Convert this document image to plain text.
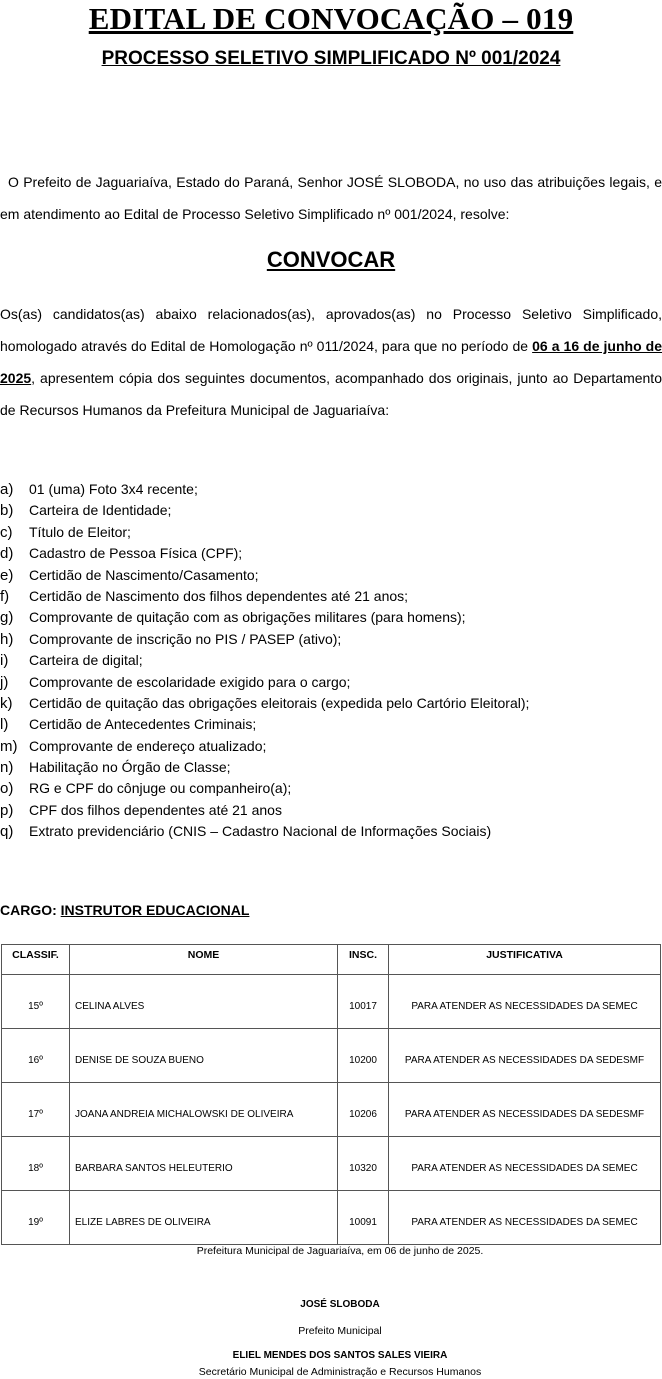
EDITAL DE CONVOCAÇÃO – 019
PROCESSO SELETIVO SIMPLIFICADO Nº 001/2024
O Prefeito de Jaguariaíva, Estado do Paraná, Senhor JOSÉ SLOBODA, no uso das atribuições legais, e em atendimento ao Edital de Processo Seletivo Simplificado nº 001/2024, resolve:
CONVOCAR
Os(as) candidatos(as) abaixo relacionados(as), aprovados(as) no Processo Seletivo Simplificado, homologado através do Edital de Homologação nº 011/2024, para que no período de 06 a 16 de junho de 2025, apresentem cópia dos seguintes documentos, acompanhado dos originais, junto ao Departamento de Recursos Humanos da Prefeitura Municipal de Jaguariaíva:
a)	01 (uma) Foto 3x4 recente;
b)	Carteira de Identidade;
c)	Título de Eleitor;
d)	Cadastro de Pessoa Física (CPF);
e)	Certidão de Nascimento/Casamento;
f)	Certidão de Nascimento dos filhos dependentes até 21 anos;
g)	Comprovante de quitação com as obrigações militares (para homens);
h)	Comprovante de inscrição no PIS / PASEP (ativo);
i)	Carteira de digital;
j)	Comprovante de escolaridade exigido para o cargo;
k)	Certidão de quitação das obrigações eleitorais (expedida pelo Cartório Eleitoral);
l)	Certidão de Antecedentes Criminais;
m) Comprovante de endereço atualizado;
n)	Habilitação no Órgão de Classe;
o)	RG e CPF do cônjuge ou companheiro(a);
p)	CPF dos filhos dependentes até 21 anos
q)	Extrato previdenciário (CNIS – Cadastro Nacional de Informações Sociais)
CARGO: INSTRUTOR EDUCACIONAL
CLASSIF.	NOME	INSC.	JUSTIFICATIVA
15º	CELINA ALVES	10017	PARA ATENDER AS NECESSIDADES DA SEMEC
16º	DENISE DE SOUZA BUENO	10200	PARA ATENDER AS NECESSIDADES DA SEDESMF
17º	JOANA ANDREIA MICHALOWSKI DE OLIVEIRA	10206	PARA ATENDER AS NECESSIDADES DA SEDESMF
18º	BARBARA SANTOS HELEUTERIO	10320	PARA ATENDER AS NECESSIDADES DA SEMEC
19º	ELIZE LABRES DE OLIVEIRA	10091	PARA ATENDER AS NECESSIDADES DA SEMEC
Prefeitura Municipal de Jaguariaíva, em 06 de junho de 2025.
JOSÉ SLOBODA
Prefeito Municipal
ELIEL MENDES DOS SANTOS SALES VIEIRA
Secretário Municipal de Administração e Recursos Humanos
